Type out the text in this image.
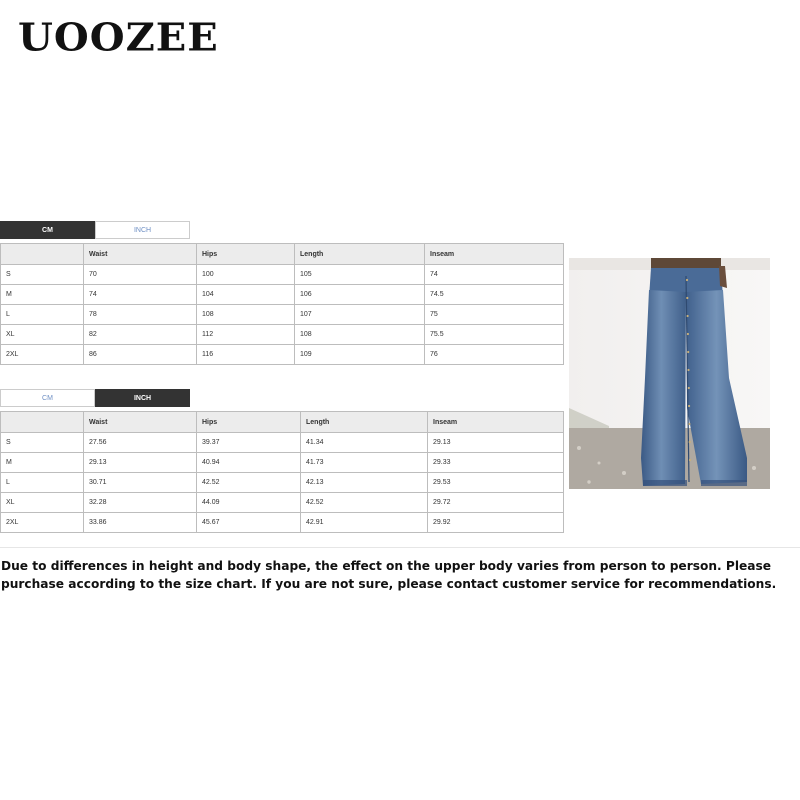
UOOZEE
CM	INCH
	Waist	Hips	Length	Inseam
S	70	100	105	74
M	74	104	106	74.5
L	78	108	107	75
XL	82	112	108	75.5
2XL	86	116	109	76
CM	INCH
	Waist	Hips	Length	Inseam
S	27.56	39.37	41.34	29.13
M	29.13	40.94	41.73	29.33
L	30.71	42.52	42.13	29.53
XL	32.28	44.09	42.52	29.72
2XL	33.86	45.67	42.91	29.92
Due to differences in height and body shape, the effect on the upper body varies from person to person. Please purchase according to the size chart. If you are not sure, please contact customer service for recommendations.
